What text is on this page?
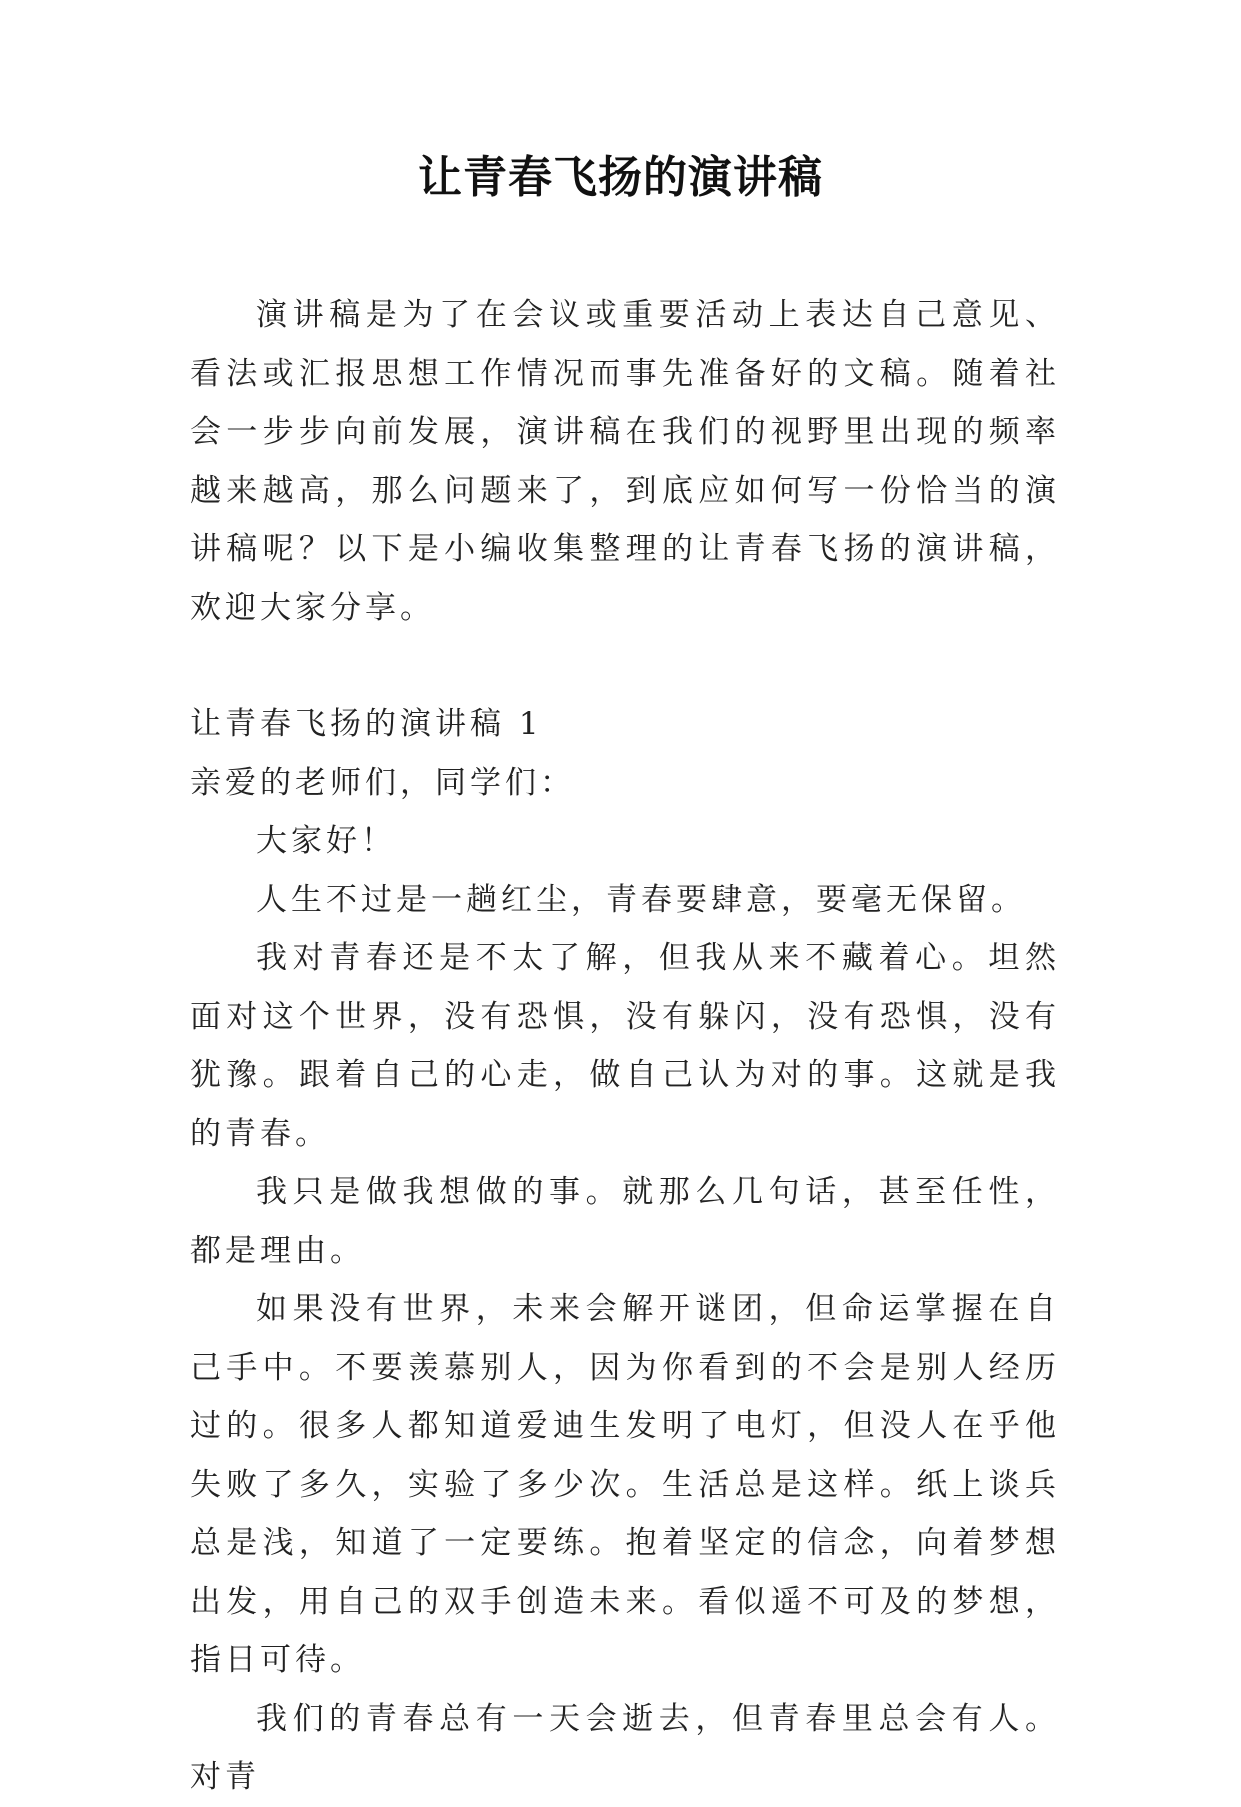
让青春飞扬的演讲稿

演讲稿是为了在会议或重要活动上表达自己意见、看法或汇报思想工作情况而事先准备好的文稿。随着社会一步步向前发展，演讲稿在我们的视野里出现的频率越来越高，那么问题来了，到底应如何写一份恰当的演讲稿呢？以下是小编收集整理的让青春飞扬的演讲稿，欢迎大家分享。

让青春飞扬的演讲稿 1

亲爱的老师们，同学们：

大家好！

人生不过是一趟红尘，青春要肆意，要毫无保留。

我对青春还是不太了解，但我从来不藏着心。坦然面对这个世界，没有恐惧，没有躲闪，没有恐惧，没有犹豫。跟着自己的心走，做自己认为对的事。这就是我的青春。

我只是做我想做的事。就那么几句话，甚至任性，都是理由。

如果没有世界，未来会解开谜团，但命运掌握在自己手中。不要羡慕别人，因为你看到的不会是别人经历过的。很多人都知道爱迪生发明了电灯，但没人在乎他失败了多久，实验了多少次。生活总是这样。纸上谈兵总是浅，知道了一定要练。抱着坚定的信念，向着梦想出发，用自己的双手创造未来。看似遥不可及的梦想，指日可待。

我们的青春总有一天会逝去，但青春里总会有人。对青
